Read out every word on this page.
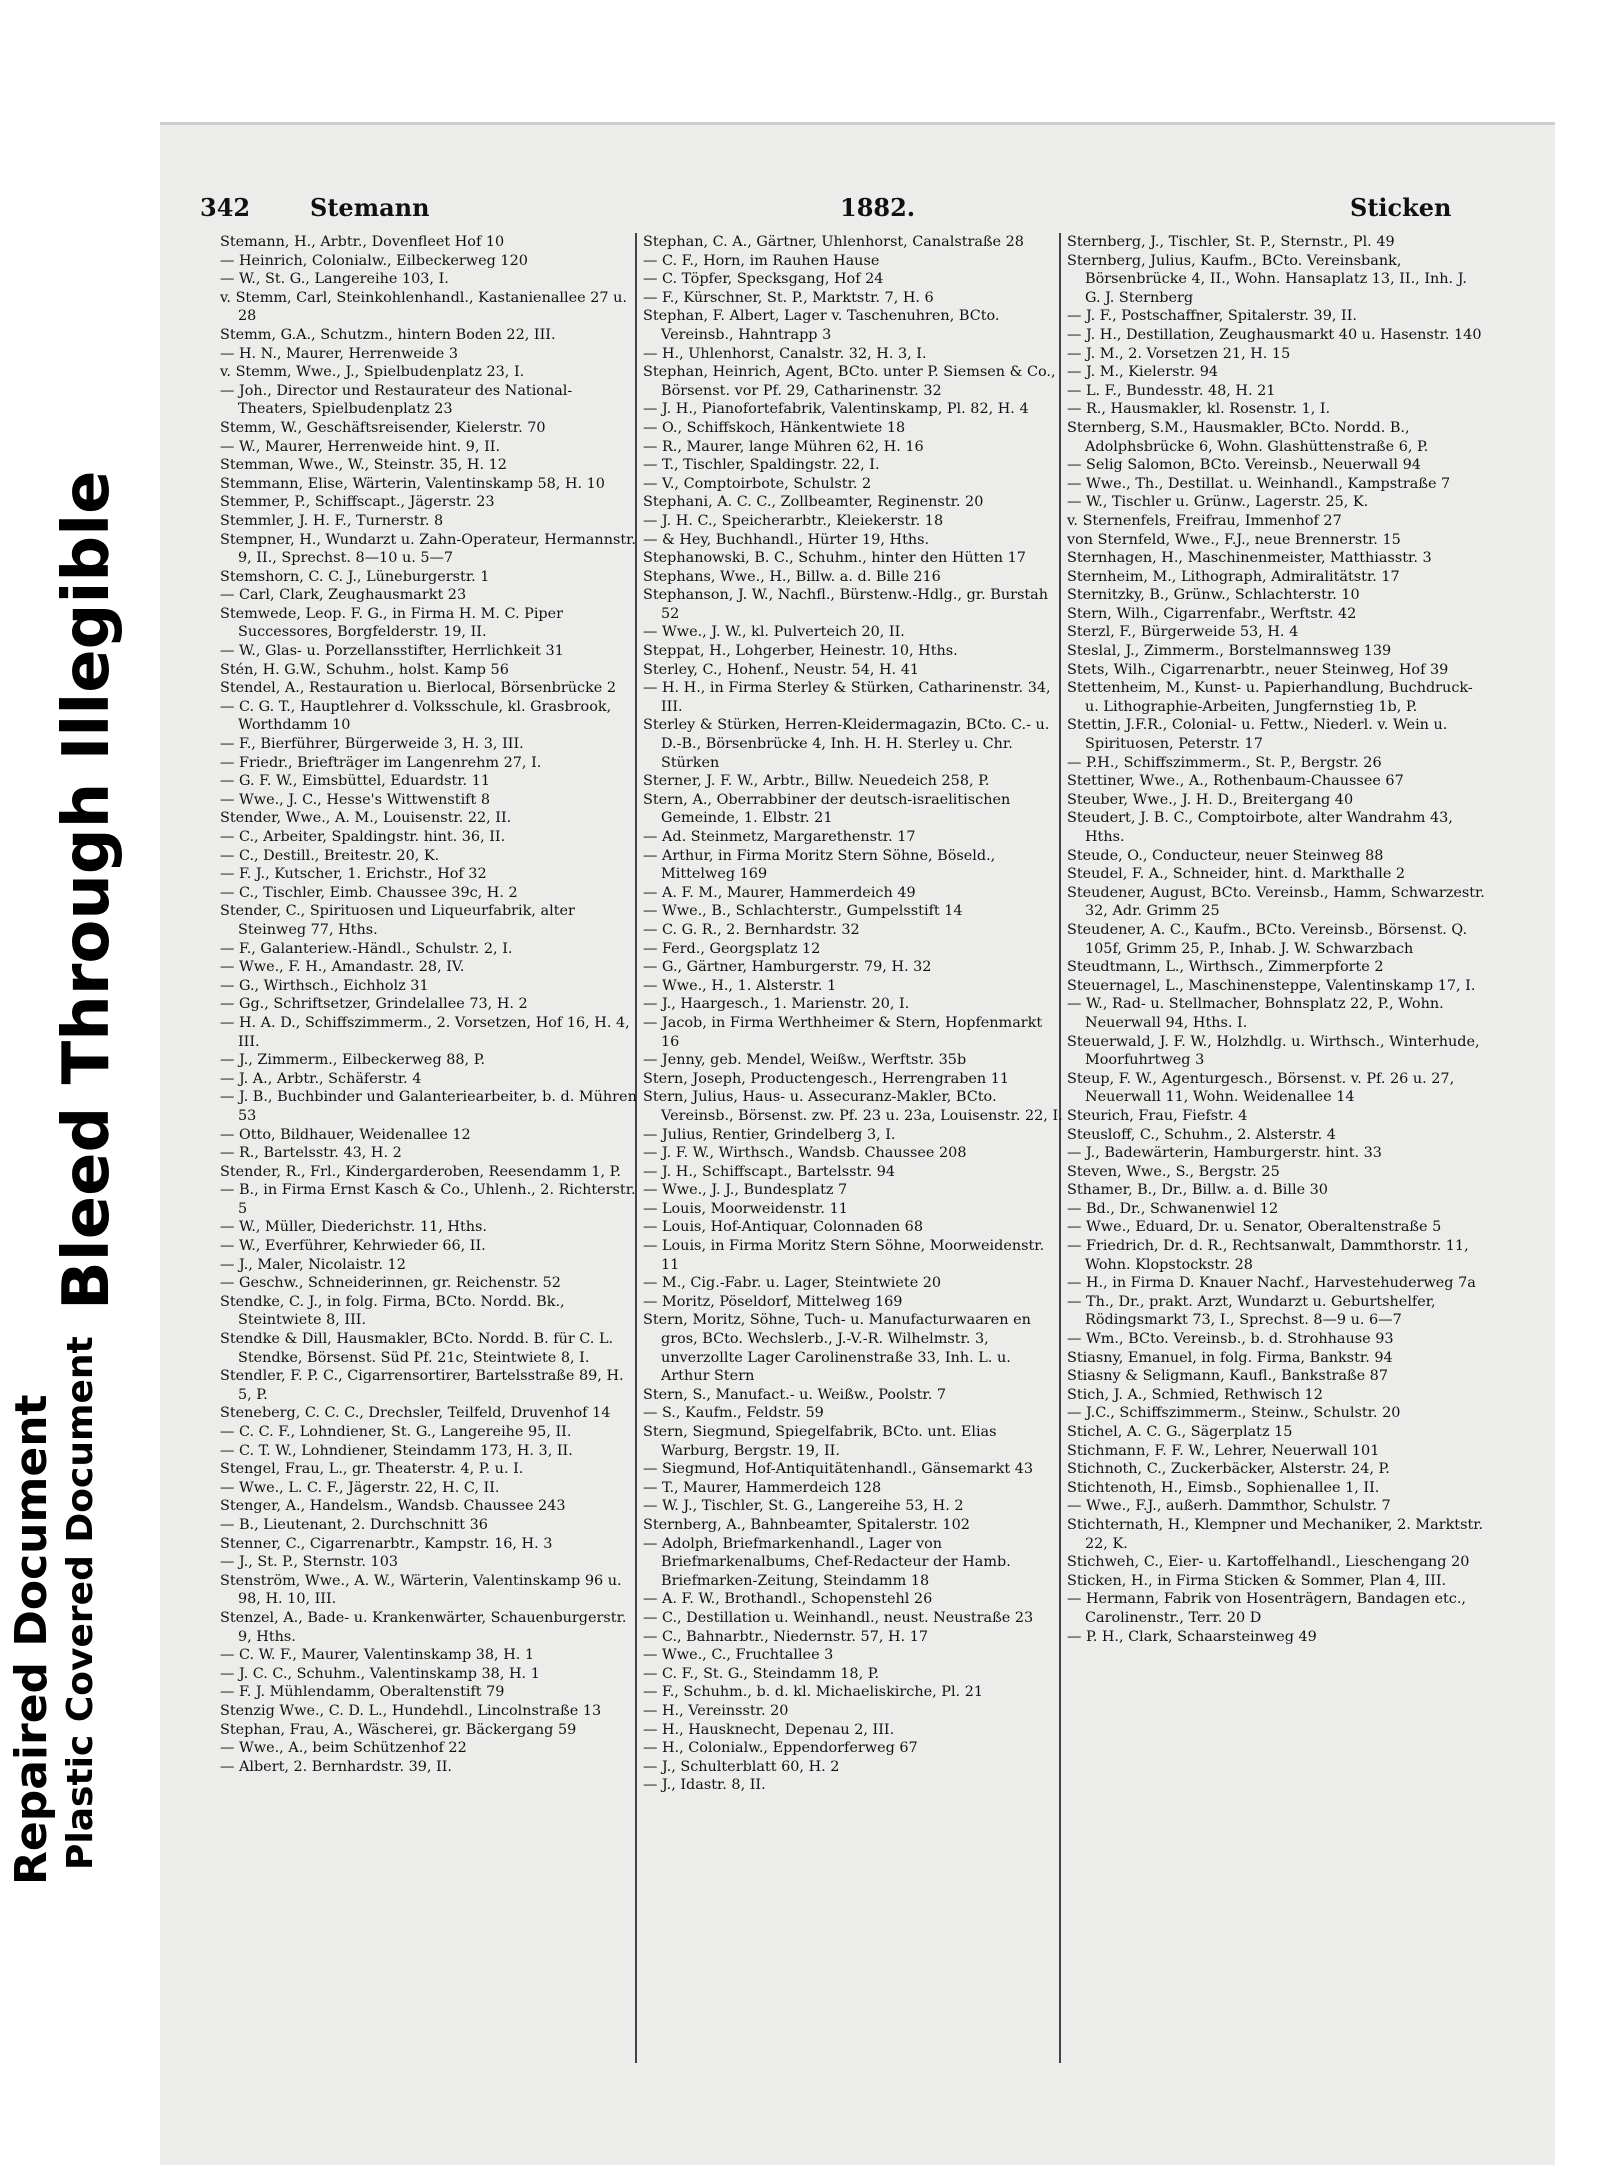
Repaired Document Plastic Covered Document
Bleed Through Illegible
342 Stemann	1882.	Sticken
Stemann, H., Arbtr., Dovenfleet Hof 10
— Heinrich, Colonialw., Eilbeckerweg 120
— W., St. G., Langereihe 103, I.
v. Stemm, Carl, Steinkohlenhandl., Kastanienallee 27 u. 28
Stemm, G.A., Schutzm., hintern Boden 22, III.
— H. N., Maurer, Herrenweide 3
v. Stemm, Wwe., J., Spielbudenplatz 23, I.
— Joh., Director und Restaurateur des National-Theaters, Spielbudenplatz 23
Stemm, W., Geschäftsreisender, Kielerstr. 70
— W., Maurer, Herrenweide hint. 9, II.
Stemman, Wwe., W., Steinstr. 35, H. 12
Stemmann, Elise, Wärterin, Valentinskamp 58, H. 10
Stemmer, P., Schiffscapt., Jägerstr. 23
Stemmler, J. H. F., Turnerstr. 8
Stempner, H., Wundarzt u. Zahn-Operateur, Hermannstr. 9, II., Sprechst. 8—10 u. 5—7
Stemshorn, C. C. J., Lüneburgerstr. 1
— Carl, Clark, Zeughausmarkt 23
Stemwede, Leop. F. G., in Firma H. M. C. Piper Successores, Borgfelderstr. 19, II.
— W., Glas- u. Porzellansstifter, Herrlichkeit 31
Stén, H. G.W., Schuhm., holst. Kamp 56
Stendel, A., Restauration u. Bierlocal, Börsenbrücke 2
— C. G. T., Hauptlehrer d. Volksschule, kl. Grasbrook, Worthdamm 10
— F., Bierführer, Bürgerweide 3, H. 3, III.
— Friedr., Briefträger im Langenrehm 27, I.
— G. F. W., Eimsbüttel, Eduardstr. 11
— Wwe., J. C., Hesse's Wittwenstift 8
Stender, Wwe., A. M., Louisenstr. 22, II.
— C., Arbeiter, Spaldingstr. hint. 36, II.
— C., Destill., Breitestr. 20, K.
— F. J., Kutscher, 1. Erichstr., Hof 32
— C., Tischler, Eimb. Chaussee 39c, H. 2
Stender, C., Spirituosen und Liqueurfabrik, alter Steinweg 77, Hths.
— F., Galanteriew.-Händl., Schulstr. 2, I.
— Wwe., F. H., Amandastr. 28, IV.
— G., Wirthsch., Eichholz 31
— Gg., Schriftsetzer, Grindelallee 73, H. 2
— H. A. D., Schiffszimmerm., 2. Vorsetzen, Hof 16, H. 4, III.
— J., Zimmerm., Eilbeckerweg 88, P.
— J. A., Arbtr., Schäferstr. 4
— J. B., Buchbinder und Galanteriearbeiter, b. d. Mühren 53
— Otto, Bildhauer, Weidenallee 12
— R., Bartelsstr. 43, H. 2
Stender, R., Frl., Kindergarderoben, Reesendamm 1, P.
— B., in Firma Ernst Kasch & Co., Uhlenh., 2. Richterstr. 5
— W., Müller, Diederichstr. 11, Hths.
— W., Everführer, Kehrwieder 66, II.
— J., Maler, Nicolaistr. 12
— Geschw., Schneiderinnen, gr. Reichenstr. 52
Stendke, C. J., in folg. Firma, BCto. Nordd. Bk., Steintwiete 8, III.
Stendke & Dill, Hausmakler, BCto. Nordd. B. für C. L. Stendke, Börsenst. Süd Pf. 21c, Steintwiete 8, I.
Stendler, F. P. C., Cigarrensortirer, Bartelsstraße 89, H. 5, P.
Steneberg, C. C. C., Drechsler, Teilfeld, Druvenhof 14
— C. C. F., Lohndiener, St. G., Langereihe 95, II.
— C. T. W., Lohndiener, Steindamm 173, H. 3, II.
Stengel, Frau, L., gr. Theaterstr. 4, P. u. I.
— Wwe., L. C. F., Jägerstr. 22, H. C, II.
Stenger, A., Handelsm., Wandsb. Chaussee 243
— B., Lieutenant, 2. Durchschnitt 36
Stenner, C., Cigarrenarbtr., Kampstr. 16, H. 3
— J., St. P., Sternstr. 103
Stenström, Wwe., A. W., Wärterin, Valentinskamp 96 u. 98, H. 10, III.
Stenzel, A., Bade- u. Krankenwärter, Schauenburgerstr. 9, Hths.
— C. W. F., Maurer, Valentinskamp 38, H. 1
— J. C. C., Schuhm., Valentinskamp 38, H. 1
— F. J. Mühlendamm, Oberaltenstift 79
Stenzig Wwe., C. D. L., Hundehdl., Lincolnstraße 13
Stephan, Frau, A., Wäscherei, gr. Bäckergang 59
— Wwe., A., beim Schützenhof 22
— Albert, 2. Bernhardstr. 39, II.
Stephan, C. A., Gärtner, Uhlenhorst, Canalstraße 28
— C. F., Horn, im Rauhen Hause
— C. Töpfer, Specksgang, Hof 24
— F., Kürschner, St. P., Marktstr. 7, H. 6
Stephan, F. Albert, Lager v. Taschenuhren, BCto. Vereinsb., Hahntrapp 3
— H., Uhlenhorst, Canalstr. 32, H. 3, I.
Stephan, Heinrich, Agent, BCto. unter P. Siemsen & Co., Börsenst. vor Pf. 29, Catharinenstr. 32
— J. H., Pianofortefabrik, Valentinskamp, Pl. 82, H. 4
— O., Schiffskoch, Hänkentwiete 18
— R., Maurer, lange Mühren 62, H. 16
— T., Tischler, Spaldingstr. 22, I.
— V., Comptoirbote, Schulstr. 2
Stephani, A. C. C., Zollbeamter, Reginenstr. 20
— J. H. C., Speicherarbtr., Kleiekerstr. 18
— & Hey, Buchhandl., Hürter 19, Hths.
Stephanowski, B. C., Schuhm., hinter den Hütten 17
Stephans, Wwe., H., Billw. a. d. Bille 216
Stephanson, J. W., Nachfl., Bürstenw.-Hdlg., gr. Burstah 52
— Wwe., J. W., kl. Pulverteich 20, II.
Steppat, H., Lohgerber, Heinestr. 10, Hths.
Sterley, C., Hohenf., Neustr. 54, H. 41
— H. H., in Firma Sterley & Stürken, Catharinenstr. 34, III.
Sterley & Stürken, Herren-Kleidermagazin, BCto. C.- u. D.-B., Börsenbrücke 4, Inh. H. H. Sterley u. Chr. Stürken
Sterner, J. F. W., Arbtr., Billw. Neuedeich 258, P.
Stern, A., Oberrabbiner der deutsch-israelitischen Gemeinde, 1. Elbstr. 21
— Ad. Steinmetz, Margarethenstr. 17
— Arthur, in Firma Moritz Stern Söhne, Böseld., Mittelweg 169
— A. F. M., Maurer, Hammerdeich 49
— Wwe., B., Schlachterstr., Gumpelsstift 14
— C. G. R., 2. Bernhardstr. 32
— Ferd., Georgsplatz 12
— G., Gärtner, Hamburgerstr. 79, H. 32
— Wwe., H., 1. Alsterstr. 1
— J., Haargesch., 1. Marienstr. 20, I.
— Jacob, in Firma Werthheimer & Stern, Hopfenmarkt 16
— Jenny, geb. Mendel, Weißw., Werftstr. 35b
Stern, Joseph, Productengesch., Herrengraben 11
Stern, Julius, Haus- u. Assecuranz-Makler, BCto. Vereinsb., Börsenst. zw. Pf. 23 u. 23a, Louisenstr. 22, I.
— Julius, Rentier, Grindelberg 3, I.
— J. F. W., Wirthsch., Wandsb. Chaussee 208
— J. H., Schiffscapt., Bartelsstr. 94
— Wwe., J. J., Bundesplatz 7
— Louis, Moorweidenstr. 11
— Louis, Hof-Antiquar, Colonnaden 68
— Louis, in Firma Moritz Stern Söhne, Moorweidenstr. 11
— M., Cig.-Fabr. u. Lager, Steintwiete 20
— Moritz, Pöseldorf, Mittelweg 169
Stern, Moritz, Söhne, Tuch- u. Manufacturwaaren en gros, BCto. Wechslerb., J.-V.-R. Wilhelmstr. 3, unverzollte Lager Carolinenstraße 33, Inh. L. u. Arthur Stern
Stern, S., Manufact.- u. Weißw., Poolstr. 7
— S., Kaufm., Feldstr. 59
Stern, Siegmund, Spiegelfabrik, BCto. unt. Elias Warburg, Bergstr. 19, II.
— Siegmund, Hof-Antiquitätenhandl., Gänsemarkt 43
— T., Maurer, Hammerdeich 128
— W. J., Tischler, St. G., Langereihe 53, H. 2
Sternberg, A., Bahnbeamter, Spitalerstr. 102
— Adolph, Briefmarkenhandl., Lager von Briefmarkenalbums, Chef-Redacteur der Hamb. Briefmarken-Zeitung, Steindamm 18
— A. F. W., Brothandl., Schopenstehl 26
— C., Destillation u. Weinhandl., neust. Neustraße 23
— C., Bahnarbtr., Niedernstr. 57, H. 17
— Wwe., C., Fruchtallee 3
— C. F., St. G., Steindamm 18, P.
— F., Schuhm., b. d. kl. Michaeliskirche, Pl. 21
— H., Vereinsstr. 20
— H., Hausknecht, Depenau 2, III.
— H., Colonialw., Eppendorferweg 67
— J., Schulterblatt 60, H. 2
— J., Idastr. 8, II.
Sternberg, J., Tischler, St. P., Sternstr., Pl. 49
Sternberg, Julius, Kaufm., BCto. Vereinsbank, Börsenbrücke 4, II., Wohn. Hansaplatz 13, II., Inh. J. G. J. Sternberg
— J. F., Postschaffner, Spitalerstr. 39, II.
— J. H., Destillation, Zeughausmarkt 40 u. Hasenstr. 140
— J. M., 2. Vorsetzen 21, H. 15
— J. M., Kielerstr. 94
— L. F., Bundesstr. 48, H. 21
— R., Hausmakler, kl. Rosenstr. 1, I.
Sternberg, S.M., Hausmakler, BCto. Nordd. B., Adolphsbrücke 6, Wohn. Glashüttenstraße 6, P.
— Selig Salomon, BCto. Vereinsb., Neuerwall 94
— Wwe., Th., Destillat. u. Weinhandl., Kampstraße 7
— W., Tischler u. Grünw., Lagerstr. 25, K.
v. Sternenfels, Freifrau, Immenhof 27
von Sternfeld, Wwe., F.J., neue Brennerstr. 15
Sternhagen, H., Maschinenmeister, Matthiasstr. 3
Sternheim, M., Lithograph, Admiralitätstr. 17
Sternitzky, B., Grünw., Schlachterstr. 10
Stern, Wilh., Cigarrenfabr., Werftstr. 42
Sterzl, F., Bürgerweide 53, H. 4
Steslal, J., Zimmerm., Borstelmannsweg 139
Stets, Wilh., Cigarrenarbtr., neuer Steinweg, Hof 39
Stettenheim, M., Kunst- u. Papierhandlung, Buchdruck- u. Lithographie-Arbeiten, Jungfernstieg 1b, P.
Stettin, J.F.R., Colonial- u. Fettw., Niederl. v. Wein u. Spirituosen, Peterstr. 17
— P.H., Schiffszimmerm., St. P., Bergstr. 26
Stettiner, Wwe., A., Rothenbaum-Chaussee 67
Steuber, Wwe., J. H. D., Breitergang 40
Steudert, J. B. C., Comptoirbote, alter Wandrahm 43, Hths.
Steude, O., Conducteur, neuer Steinweg 88
Steudel, F. A., Schneider, hint. d. Markthalle 2
Steudener, August, BCto. Vereinsb., Hamm, Schwarzestr. 32, Adr. Grimm 25
Steudener, A. C., Kaufm., BCto. Vereinsb., Börsenst. Q. 105f, Grimm 25, P., Inhab. J. W. Schwarzbach
Steudtmann, L., Wirthsch., Zimmerpforte 2
Steuernagel, L., Maschinensteppe, Valentinskamp 17, I.
— W., Rad- u. Stellmacher, Bohnsplatz 22, P., Wohn. Neuerwall 94, Hths. I.
Steuerwald, J. F. W., Holzhdlg. u. Wirthsch., Winterhude, Moorfuhrtweg 3
Steup, F. W., Agenturgesch., Börsenst. v. Pf. 26 u. 27, Neuerwall 11, Wohn. Weidenallee 14
Steurich, Frau, Fiefstr. 4
Steusloff, C., Schuhm., 2. Alsterstr. 4
— J., Badewärterin, Hamburgerstr. hint. 33
Steven, Wwe., S., Bergstr. 25
Sthamer, B., Dr., Billw. a. d. Bille 30
— Bd., Dr., Schwanenwiel 12
— Wwe., Eduard, Dr. u. Senator, Oberaltenstraße 5
— Friedrich, Dr. d. R., Rechtsanwalt, Dammthorstr. 11, Wohn. Klopstockstr. 28
— H., in Firma D. Knauer Nachf., Harvestehuderweg 7a
— Th., Dr., prakt. Arzt, Wundarzt u. Geburtshelfer, Rödingsmarkt 73, I., Sprechst. 8—9 u. 6—7
— Wm., BCto. Vereinsb., b. d. Strohhause 93
Stiasny, Emanuel, in folg. Firma, Bankstr. 94
Stiasny & Seligmann, Kaufl., Bankstraße 87
Stich, J. A., Schmied, Rethwisch 12
— J.C., Schiffszimmerm., Steinw., Schulstr. 20
Stichel, A. C. G., Sägerplatz 15
Stichmann, F. F. W., Lehrer, Neuerwall 101
Stichnoth, C., Zuckerbäcker, Alsterstr. 24, P.
Stichtenoth, H., Eimsb., Sophienallee 1, II.
— Wwe., F.J., außerh. Dammthor, Schulstr. 7
Stichternath, H., Klempner und Mechaniker, 2. Marktstr. 22, K.
Stichweh, C., Eier- u. Kartoffelhandl., Lieschengang 20
Sticken, H., in Firma Sticken & Sommer, Plan 4, III.
— Hermann, Fabrik von Hosenträgern, Bandagen etc., Carolinenstr., Terr. 20 D
— P. H., Clark, Schaarsteinweg 49
